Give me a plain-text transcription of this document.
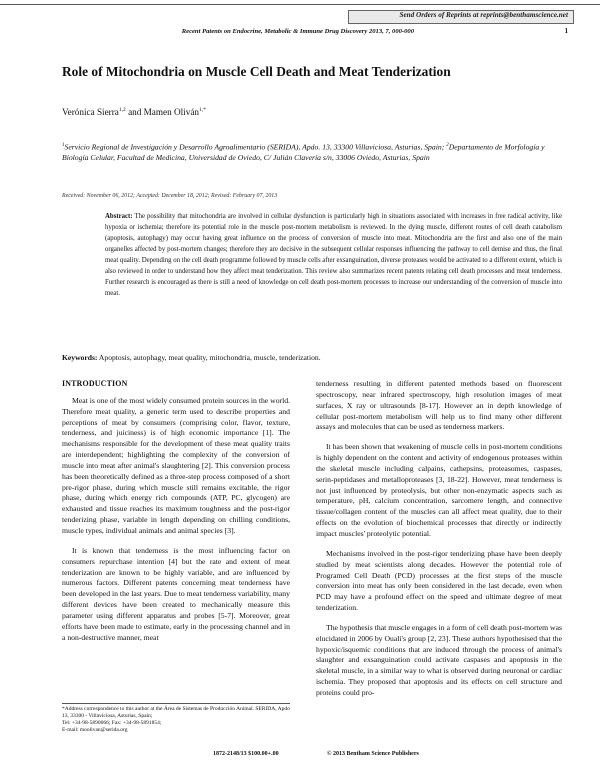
Send Orders of Reprints at reprints@benthamscience.net
Recent Patents on Endocrine, Metabolic & Immune Drug Discovery 2013, 7, 000-000	1
Role of Mitochondria on Muscle Cell Death and Meat Tenderization
Verónica Sierra$^{1,2}$ and Mamen Oliván$^{1,*}$
$^1$Servicio Regional de Investigación y Desarrollo Agroalimentario (SERIDA), Apdo. 13, 33300 Villaviciosa, Asturias, Spain; $^2$Departamento de Morfología y Biología Celular, Facultad de Medicina, Universidad de Oviedo, C/ Julián Clavería s/n, 33006 Oviedo, Asturias, Spain
Received: November 06, 2012; Accepted: December 18, 2012; Revised: February 07, 2013
Abstract: The possibility that mitochondria are involved in cellular dysfunction is particularly high in situations associated with increases in free radical activity, like hypoxia or ischemia; therefore its potential role in the muscle post-mortem metabolism is reviewed. In the dying muscle, different routes of cell death catabolism (apoptosis, autophagy) may occur having great influence on the process of conversion of muscle into meat. Mitochondria are the first and also one of the main organelles affected by post-mortem changes; therefore they are decisive in the subsequent cellular responses influencing the pathway to cell demise and thus, the final meat quality. Depending on the cell death programme followed by muscle cells after exsanguination, diverse proteases would be activated to a different extent, which is also reviewed in order to understand how they affect meat tenderization. This review also summarizes recent patents relating cell death processes and meat tenderness. Further research is encouraged as there is still a need of knowledge on cell death post-mortem processes to increase our understanding of the conversion of muscle into meat.
Keywords: Apoptosis, autophagy, meat quality, mitochondria, muscle, tenderization.
INTRODUCTION

Meat is one of the most widely consumed protein sources in the world. Therefore meat quality, a generic term used to describe properties and perceptions of meat by consumers (comprising color, flavor, texture, tenderness, and juiciness) is of high economic importance [1]. The mechanisms responsible for the development of these meat quality traits are interdependent; highlighting the complexity of the conversion of muscle into meat after animal's slaughtering [2]. This conversion process has been theoretically defined as a three-step process composed of a short pre-rigor phase, during which muscle still remains excitable, the rigor phase, during which energy rich compounds (ATP, PC, glycogen) are exhausted and tissue reaches its maximum toughness and the post-rigor tenderizing phase, variable in length depending on chilling conditions, muscle types, individual animals and animal species [3].

It is known that tenderness is the most influencing factor on consumers repurchase intention [4] but the rate and extent of meat tenderization are known to be highly variable, and are influenced by numerous factors. Different patents concerning meat tenderness have been developed in the last years. Due to meat tenderness variability, many different devices have been created to mechanically measure this parameter using different apparatus and probes [5-7]. Moreover, great efforts have been made to estimate, early in the processing channel and in a non-destructive manner, meat

tenderness resulting in different patented methods based on fluorescent spectroscopy, near infrared spectroscopy, high resolution images of meat surfaces, X ray or ultrasounds [8-17]. However an in depth knowledge of cellular post-mortem metabolism will help us to find many other different assays and molecules that can be used as tenderness markers.

It has been shown that weakening of muscle cells in post-mortem conditions is highly dependent on the content and activity of endogenous proteases within the skeletal muscle including calpains, cathepsins, proteasomes, caspases, serin-peptidases and metalloproteases [3, 18-22]. However, meat tenderness is not just influenced by proteolysis, but other non-enzymatic aspects such as temperature, pH, calcium concentration, sarcomere length, and connective tissue/collagen content of the muscles can all affect meat quality, due to their effects on the evolution of biochemical processes that directly or indirectly impact muscles' proteolytic potential.

Mechanisms involved in the post-rigor tenderizing phase have been deeply studied by meat scientists along decades. However the potential role of Programed Cell Death (PCD) processes at the first steps of the muscle conversion into meat has only been considered in the last decade, even when PCD may have a profound effect on the speed and ultimate degree of meat tenderization.

The hypothesis that muscle engages in a form of cell death post-mortem was elucidated in 2006 by Ouali's group [2, 23]. These authors hypothesised that the hypoxic/isquemic conditions that are induced through the process of animal's slaughter and exsanguination could activate caspases and apoptosis in the skeletal muscle, in a similar way to what is observed during neuronal or cardiac ischemia. They proposed that apoptosis and its effects on cell structure and proteins could pro-

*Address correspondence to this author at the Área de Sistemas de Producción Animal. SERIDA, Apdo 13, 33300 - Villaviciosa, Asturias, Spain;
Tel: +34-98-5890066; Fax: +34-98-5891854;
E-mail: moolivan@serida.org
1872-2148/13 $100.00+.00	© 2013 Bentham Science Publishers
